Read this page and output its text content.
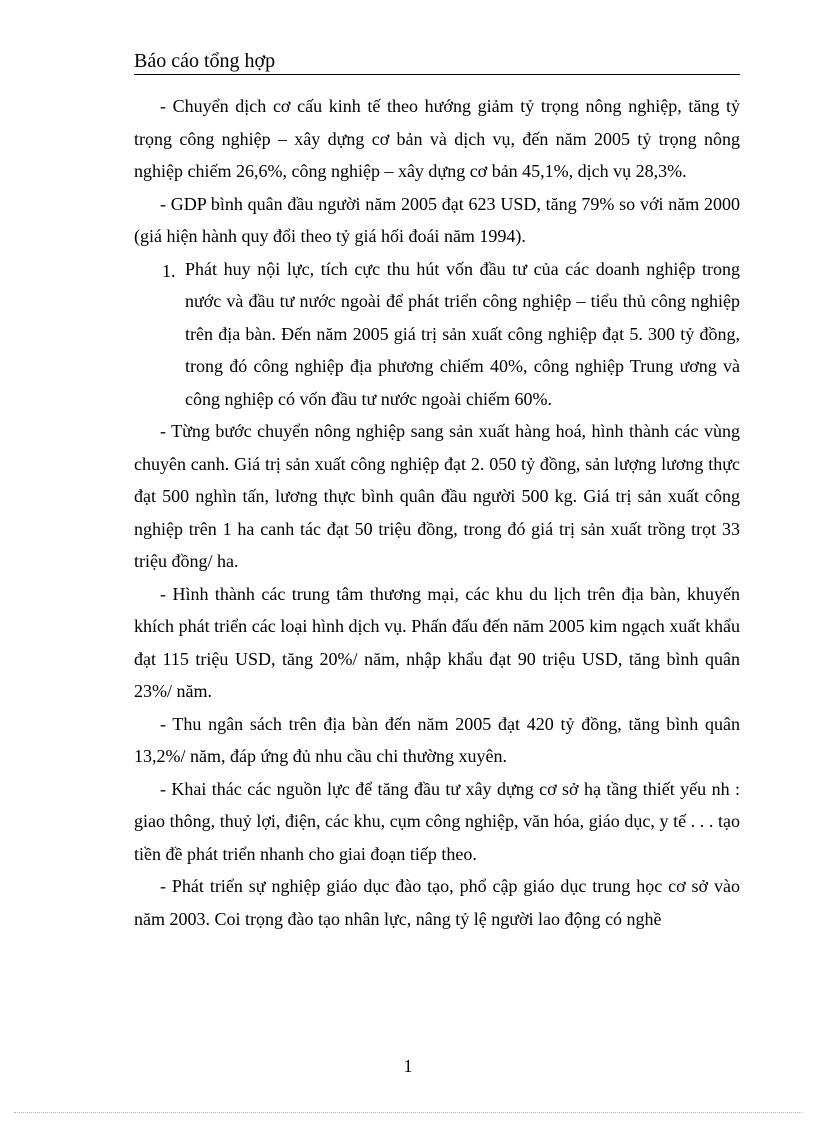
Báo cáo tổng hợp

- Chuyển dịch cơ cấu kinh tế theo hướng giảm tỷ trọng nông nghiệp, tăng tỷ trọng công nghiệp – xây dựng cơ bản và dịch vụ, đến năm 2005 tỷ trọng nông nghiệp chiếm 26,6%, công nghiệp – xây dựng cơ bản 45,1%, dịch vụ 28,3%.

- GDP bình quân đầu người năm 2005 đạt 623 USD, tăng 79% so với năm 2000 (giá hiện hành quy đổi theo tỷ giá hối đoái năm 1994).

1. Phát huy nội lực, tích cực thu hút vốn đầu tư của các doanh nghiệp trong nước và đầu tư nước ngoài để phát triển công nghiệp – tiểu thủ công nghiệp trên địa bàn. Đến năm 2005 giá trị sản xuất công nghiệp đạt 5. 300 tỷ đồng, trong đó công nghiệp địa phương chiếm 40%, công nghiệp Trung ương và công nghiệp có vốn đầu tư nước ngoài chiếm 60%.

- Từng bước chuyển nông nghiệp sang sản xuất hàng hoá, hình thành các vùng chuyên canh. Giá trị sản xuất công nghiệp đạt 2. 050 tỷ đồng, sản lượng lương thực đạt 500 nghìn tấn, lương thực bình quân đầu người 500 kg. Giá trị sản xuất công nghiệp trên 1 ha canh tác đạt 50 triệu đồng, trong đó giá trị sản xuất trồng trọt 33 triệu đồng/ ha.

- Hình thành các trung tâm thương mại, các khu du lịch trên địa bàn, khuyến khích phát triển các loại hình dịch vụ. Phấn đấu đến năm 2005 kim ngạch xuất khẩu đạt 115 triệu USD, tăng 20%/ năm, nhập khẩu đạt 90 triệu USD, tăng bình quân 23%/ năm.

- Thu ngân sách trên địa bàn đến năm 2005 đạt 420 tỷ đồng, tăng bình quân 13,2%/ năm, đáp ứng đủ nhu cầu chi thường xuyên.

- Khai thác các nguồn lực để tăng đầu tư xây dựng cơ sở hạ tầng thiết yếu nh : giao thông, thuỷ lợi, điện, các khu, cụm công nghiệp, văn hóa, giáo dục, y tế . . . tạo tiền đề phát triển nhanh cho giai đoạn tiếp theo.

- Phát triển sự nghiệp giáo dục đào tạo, phổ cập giáo dục trung học cơ sở vào năm 2003. Coi trọng đào tạo nhân lực, nâng tỷ lệ người lao động có nghề

1
